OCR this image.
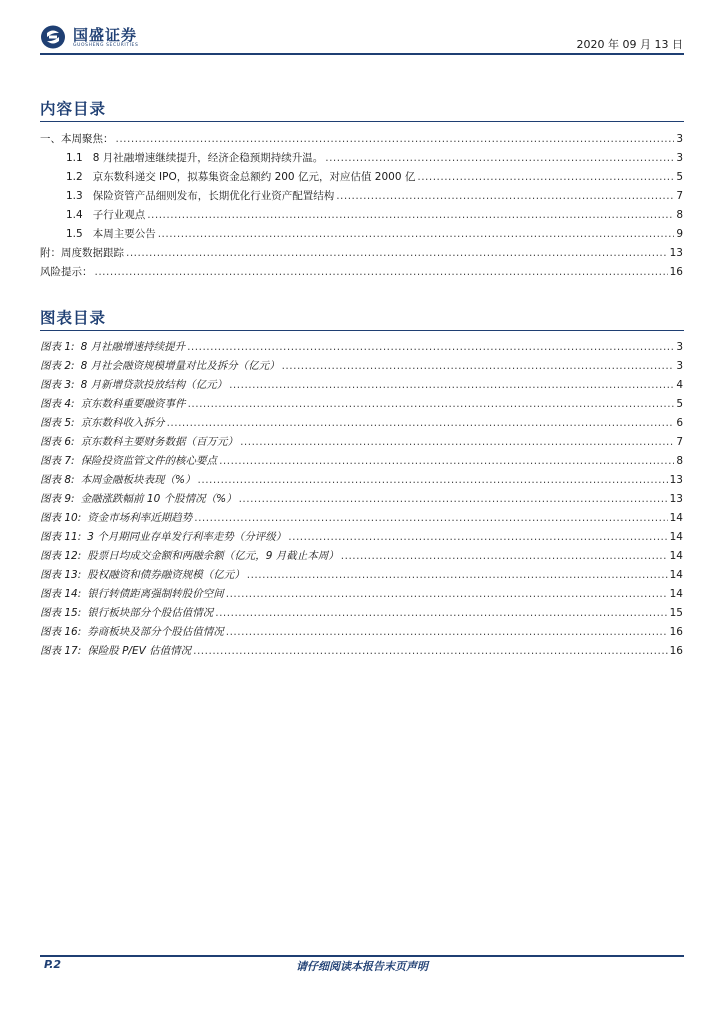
国盛证券
GUOSHENG SECURITIES	2020 年 09 月 13 日
内容目录
一、本周聚焦： .....	3
1.1 8 月社融增速继续提升，经济企稳预期持续升温。 .....	3
1.2 京东数科递交 IPO，拟募集资金总额约 200 亿元，对应估值 2000 亿 .....	5
1.3 保险资管产品细则发布，长期优化行业资产配置结构 .....	7
1.4 子行业观点 .....	8
1.5 本周主要公告 .....	9
附：周度数据跟踪 .....	13
风险提示： .....	16
图表目录
图表 1: 8 月社融增速持续提升 .....	3
图表 2: 8 月社会融资规模增量对比及拆分（亿元） .....	3
图表 3: 8 月新增贷款投放结构（亿元） .....	4
图表 4: 京东数科重要融资事件 .....	5
图表 5: 京东数科收入拆分 .....	6
图表 6: 京东数科主要财务数据（百万元） .....	7
图表 7: 保险投资监管文件的核心要点 .....	8
图表 8: 本周金融板块表现（%） .....	13
图表 9: 金融涨跌幅前 10 个股情况（%） .....	13
图表 10: 资金市场利率近期趋势 .....	14
图表 11: 3 个月期同业存单发行利率走势（分评级） .....	14
图表 12: 股票日均成交金额和两融余额（亿元，9 月截止本周） .....	14
图表 13: 股权融资和债券融资规模（亿元） .....	14
图表 14: 银行转债距离强制转股价空间 .....	14
图表 15: 银行板块部分个股估值情况 .....	15
图表 16: 券商板块及部分个股估值情况 .....	16
图表 17: 保险股 P/EV 估值情况 .....	16
P.2	请仔细阅读本报告末页声明
